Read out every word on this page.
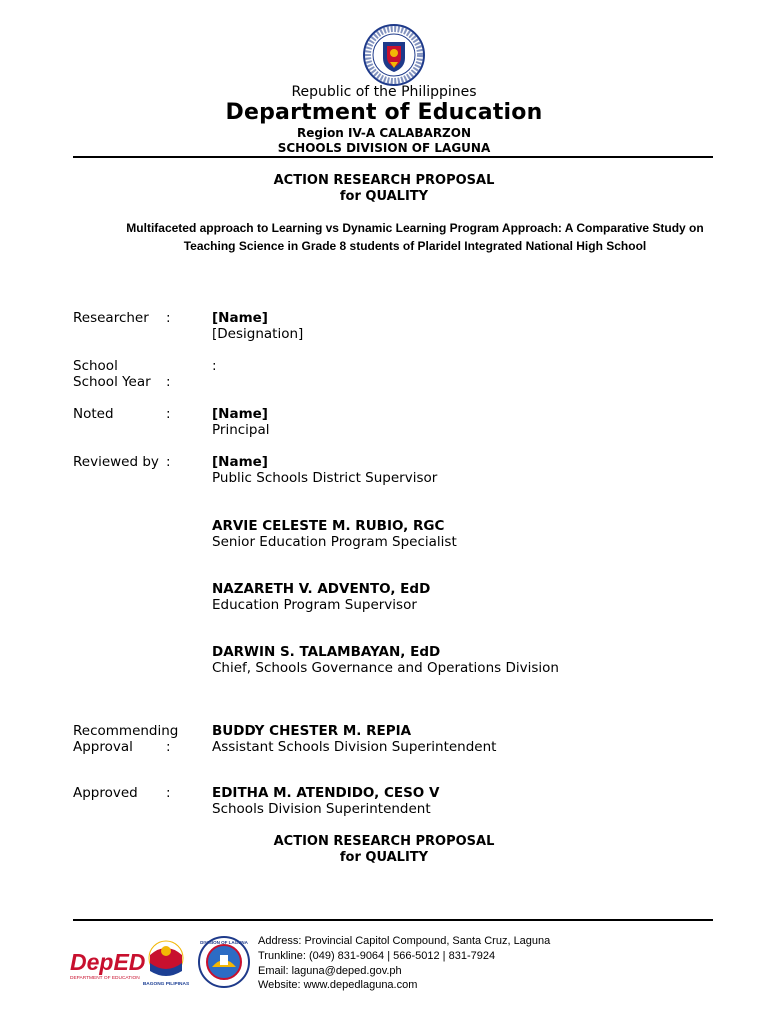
Republic of the Philippines
Department of Education
Region IV-A CALABARZON
SCHOOLS DIVISION OF LAGUNA
ACTION RESEARCH PROPOSAL
for QUALITY
Multifaceted approach to Learning vs Dynamic Learning Program Approach: A Comparative Study on
Teaching Science in Grade 8 students of Plaridel Integrated National High School
Researcher :	[Name]
[Designation]
School	:
School Year :
Noted	:	[Name]
Principal
Reviewed by :	[Name]
Public Schools District Supervisor
ARVIE CELESTE M. RUBIO, RGC
Senior Education Program Specialist
NAZARETH V. ADVENTO, EdD
Education Program Supervisor
DARWIN S. TALAMBAYAN, EdD
Chief, Schools Governance and Operations Division
Recommending
Approval :
BUDDY CHESTER M. REPIA
Assistant Schools Division Superintendent
Approved :	EDITHA M. ATENDIDO, CESO V
Schools Division Superintendent
ACTION RESEARCH PROPOSAL
for QUALITY
DepED
DEPARTMENT OF EDUCATION
BAGONG PILIPINAS
DIVISION OF LAGUNA Address: Provincial Capitol Compound, Santa Cruz, Laguna
Trunkline: (049) 831-9064 | 566-5012 | 831-7924
Email: laguna@deped.gov.ph
Website: www.depedlaguna.com
